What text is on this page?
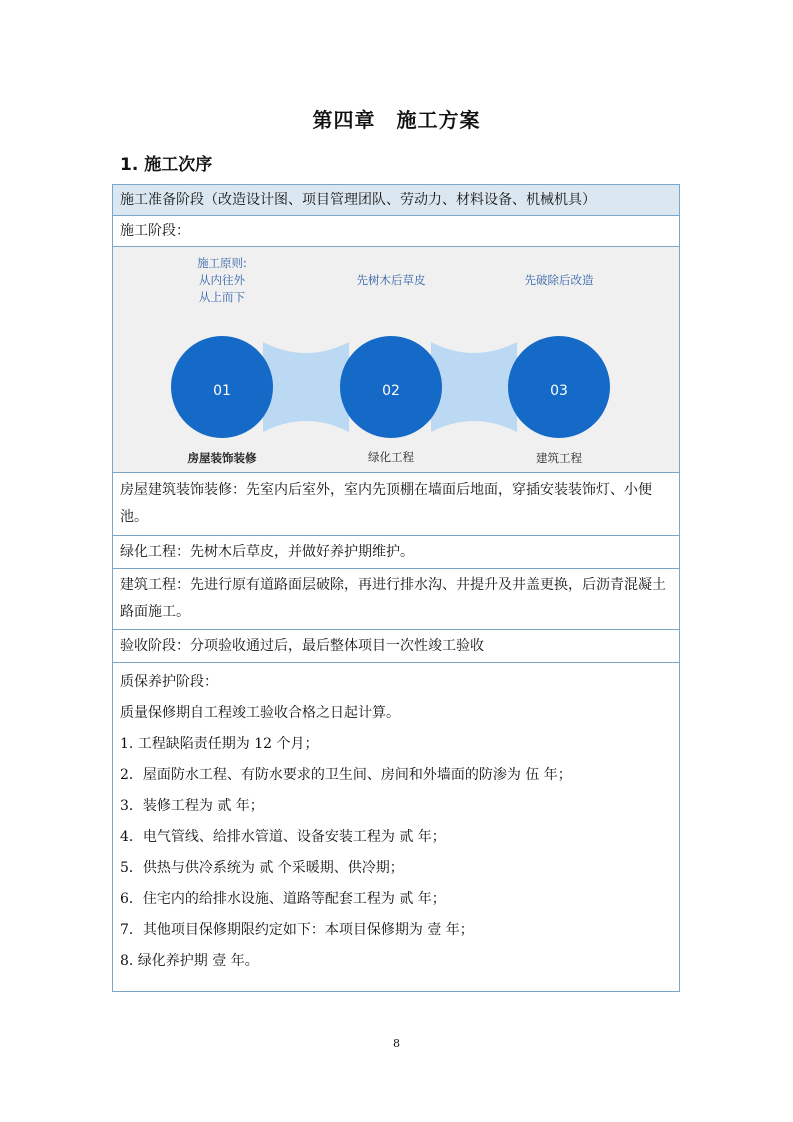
第四章　施工方案
1. 施工次序
施工准备阶段（改造设计图、项目管理团队、劳动力、材料设备、机械机具）
施工阶段：

施工原则:
从内往外
从上而下
先树木后草皮	先破除后改造
01	02	03
房屋装饰装修	绿化工程	建筑工程

房屋建筑装饰装修：先室内后室外，室内先顶棚在墙面后地面，穿插安装装饰灯、小便池。
绿化工程：先树木后草皮，并做好养护期维护。
建筑工程：先进行原有道路面层破除，再进行排水沟、井提升及井盖更换，后沥青混凝土路面施工。
验收阶段：分项验收通过后，最后整体项目一次性竣工验收

质保养护阶段：
质量保修期自工程竣工验收合格之日起计算。
1. 工程缺陷责任期为 12 个月；
2．屋面防水工程、有防水要求的卫生间、房间和外墙面的防渗为 伍 年；
3．装修工程为 贰 年；
4．电气管线、给排水管道、设备安装工程为 贰 年；
5．供热与供冷系统为 贰 个采暖期、供冷期；
6．住宅内的给排水设施、道路等配套工程为 贰 年；
7．其他项目保修期限约定如下：本项目保修期为 壹 年；
8. 绿化养护期 壹 年。
8
